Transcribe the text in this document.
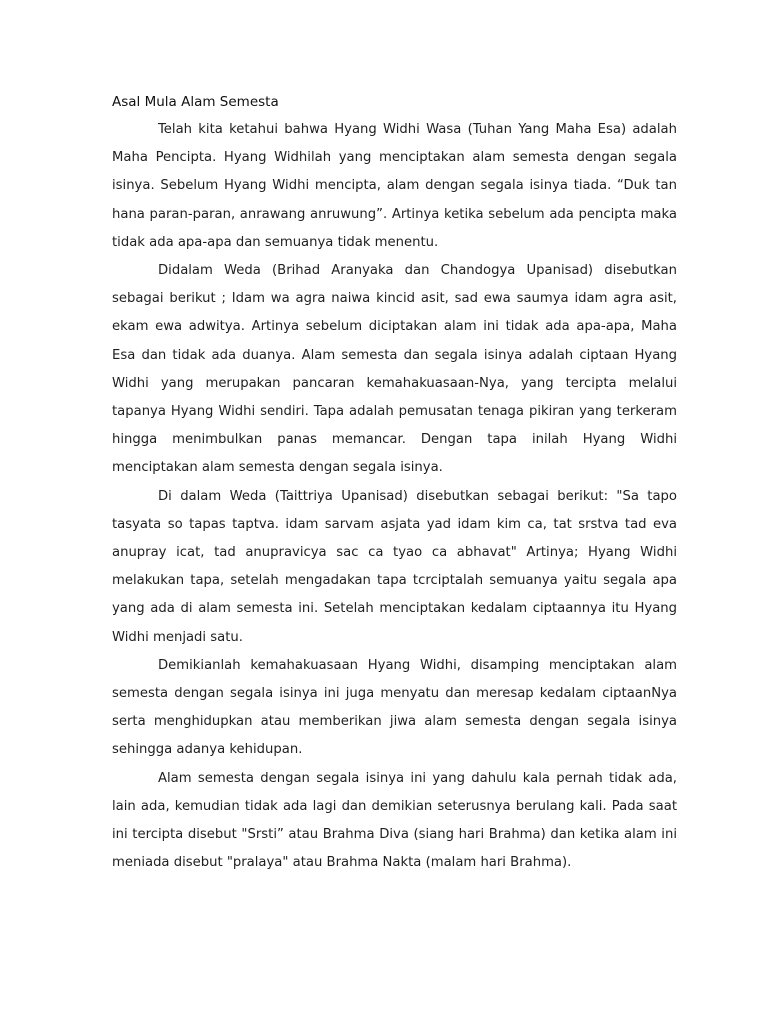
Asal Mula Alam Semesta

Telah kita ketahui bahwa Hyang Widhi Wasa (Tuhan Yang Maha Esa) adalah Maha Pencipta. Hyang Widhilah yang menciptakan alam semesta dengan segala isinya. Sebelum Hyang Widhi mencipta, alam dengan segala isinya tiada. “Duk tan hana paran-paran, anrawang anruwung”. Artinya ketika sebelum ada pencipta maka tidak ada apa-apa dan semuanya tidak menentu.

Didalam Weda (Brihad Aranyaka dan Chandogya Upanisad) disebutkan sebagai berikut ; Idam wa agra naiwa kincid asit, sad ewa saumya idam agra asit, ekam ewa adwitya. Artinya sebelum diciptakan alam ini tidak ada apa-apa, Maha Esa dan tidak ada duanya. Alam semesta dan segala isinya adalah ciptaan Hyang Widhi yang merupakan pancaran kemahakuasaan-Nya, yang tercipta melalui tapanya Hyang Widhi sendiri. Tapa adalah pemusatan tenaga pikiran yang terkeram hingga menimbulkan panas memancar. Dengan tapa inilah Hyang Widhi menciptakan alam semesta dengan segala isinya.

Di dalam Weda (Taittriya Upanisad) disebutkan sebagai berikut: "Sa tapo tasyata so tapas taptva. idam sarvam asjata yad idam kim ca, tat srstva tad eva anupray icat, tad anupravicya sac ca tyao ca abhavat" Artinya; Hyang Widhi melakukan tapa, setelah mengadakan tapa tcrciptalah semuanya yaitu segala apa yang ada di alam semesta ini. Setelah menciptakan kedalam ciptaannya itu Hyang Widhi menjadi satu.

Demikianlah kemahakuasaan Hyang Widhi, disamping menciptakan alam semesta dengan segala isinya ini juga menyatu dan meresap kedalam ciptaanNya serta menghidupkan atau memberikan jiwa alam semesta dengan segala isinya sehingga adanya kehidupan.

Alam semesta dengan segala isinya ini yang dahulu kala pernah tidak ada, lain ada, kemudian tidak ada lagi dan demikian seterusnya berulang kali. Pada saat ini tercipta disebut "Srsti” atau Brahma Diva (siang hari Brahma) dan ketika alam ini meniada disebut "pralaya" atau Brahma Nakta (malam hari Brahma).
